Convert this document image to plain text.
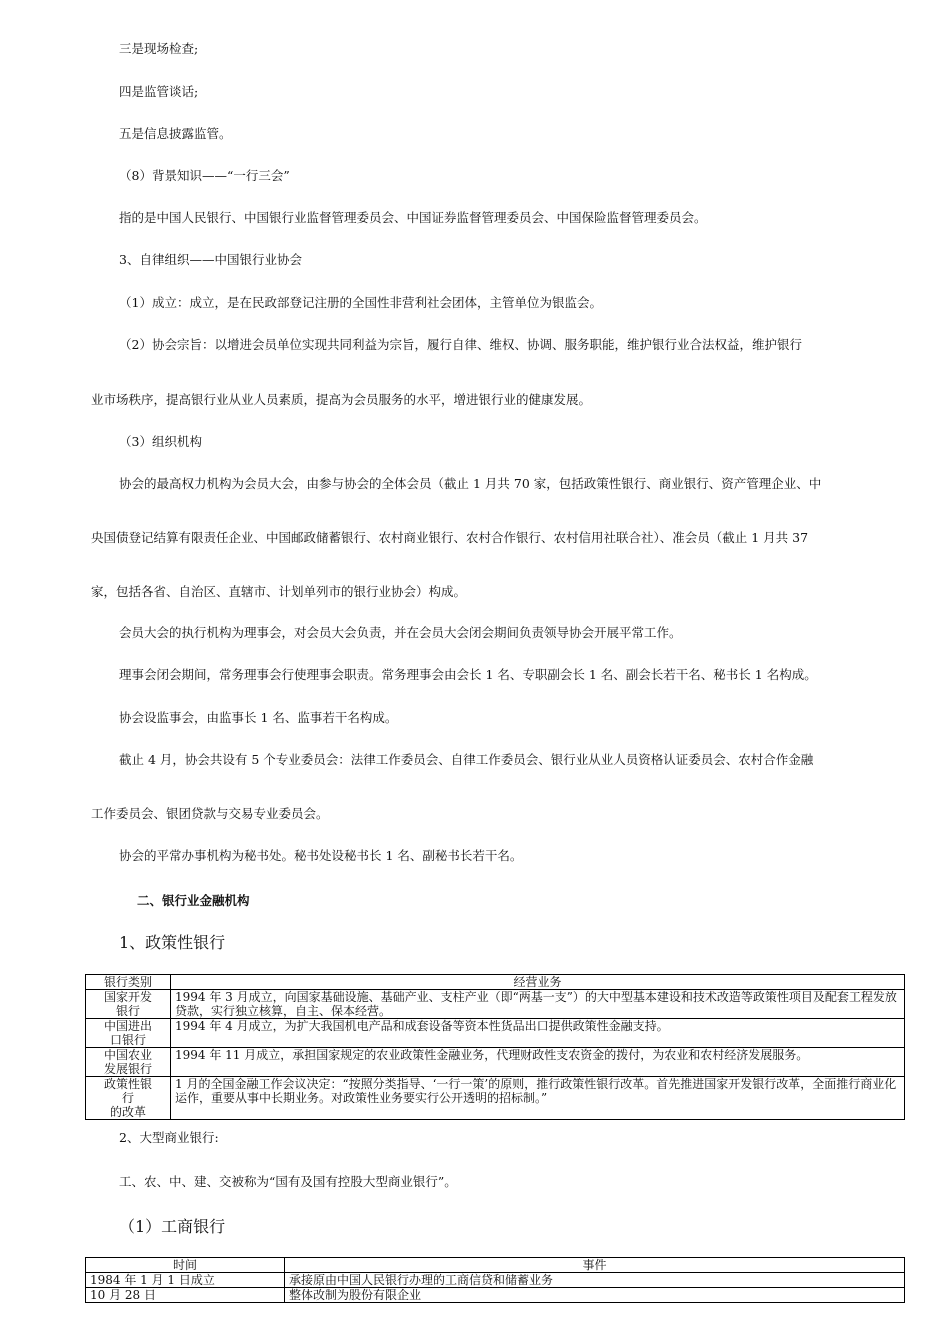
三是现场检查;
四是监管谈话;
五是信息披露监管。
（8）背景知识——“一行三会”
指的是中国人民银行、中国银行业监督管理委员会、中国证券监督管理委员会、中国保险监督管理委员会。
3、自律组织——中国银行业协会
（1）成立：成立，是在民政部登记注册的全国性非营利社会团体，主管单位为银监会。
（2）协会宗旨：以增进会员单位实现共同利益为宗旨，履行自律、维权、协调、服务职能，维护银行业合法权益，维护银行
业市场秩序，提高银行业从业人员素质，提高为会员服务的水平，增进银行业的健康发展。
（3）组织机构
协会的最高权力机构为会员大会，由参与协会的全体会员（截止 1 月共 70 家，包括政策性银行、商业银行、资产管理企业、中
央国债登记结算有限责任企业、中国邮政储蓄银行、农村商业银行、农村合作银行、农村信用社联合社）、准会员（截止 1 月共 37
家，包括各省、自治区、直辖市、计划单列市的银行业协会）构成。
会员大会的执行机构为理事会，对会员大会负责，并在会员大会闭会期间负责领导协会开展平常工作。
理事会闭会期间，常务理事会行使理事会职责。常务理事会由会长 1 名、专职副会长 1 名、副会长若干名、秘书长 1 名构成。
协会设监事会，由监事长 1 名、监事若干名构成。
截止 4 月，协会共设有 5 个专业委员会：法律工作委员会、自律工作委员会、银行业从业人员资格认证委员会、农村合作金融
工作委员会、银团贷款与交易专业委员会。
协会的平常办事机构为秘书处。秘书处设秘书长 1 名、副秘书长若干名。
二、银行业金融机构
1、政策性银行
银行类别	经营业务

国家开发
银行	1994 年 3 月成立，向国家基础设施、基础产业、支柱产业（即“两基一支”）的大中型基本建设和技术改造等政策性项目及配套工程发放贷款，实行独立核算，自主、保本经营。

中国进出
口银行	1994 年 4 月成立，为扩大我国机电产品和成套设备等资本性货品出口提供政策性金融支持。

中国农业
发展银行	1994 年 11 月成立，承担国家规定的农业政策性金融业务，代理财政性支农资金的拨付，为农业和农村经济发展服务。

政策性银
行
的改革	1 月的全国金融工作会议决定：“按照分类指导、‘一行一策’的原则，推行政策性银行改革。首先推进国家开发银行改革，全面推行商业化运作，重要从事中长期业务。对政策性业务要实行公开透明的招标制。”
2、大型商业银行:
工、农、中、建、交被称为“国有及国有控股大型商业银行”。
（1）工商银行
时间	事件
1984 年 1 月 1 日成立	承接原由中国人民银行办理的工商信贷和储蓄业务
10 月 28 日	整体改制为股份有限企业
